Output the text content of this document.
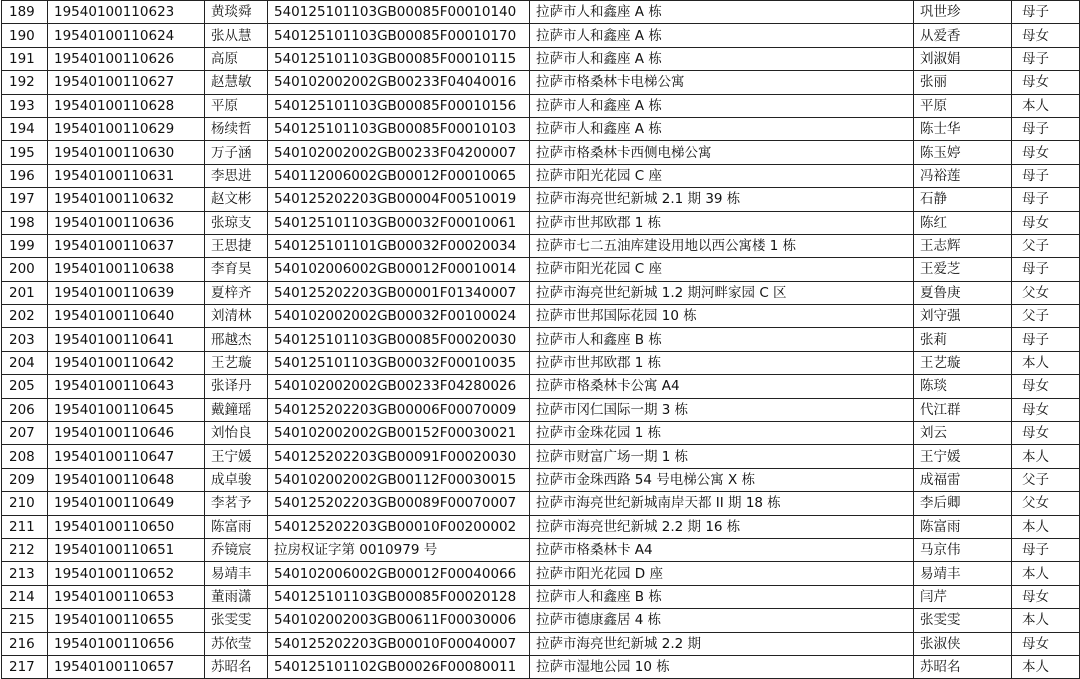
189	19540100110623	黄琰舜	540125101103GB00085F00010140	拉萨市人和鑫座 A 栋	巩世珍	母子
190	19540100110624	张从慧	540125101103GB00085F00010170	拉萨市人和鑫座 A 栋	从爱香	母女
191	19540100110626	高原	540125101103GB00085F00010115	拉萨市人和鑫座 A 栋	刘淑娟	母子
192	19540100110627	赵慧敏	540102002002GB00233F04040016	拉萨市格桑林卡电梯公寓	张丽	母女
193	19540100110628	平原	540125101103GB00085F00010156	拉萨市人和鑫座 A 栋	平原	本人
194	19540100110629	杨续哲	540125101103GB00085F00010103	拉萨市人和鑫座 A 栋	陈士华	母子
195	19540100110630	万子涵	540102002002GB00233F04200007	拉萨市格桑林卡西侧电梯公寓	陈玉婷	母女
196	19540100110631	李思进	540112006002GB00012F00010065	拉萨市阳光花园 C 座	冯裕莲	母子
197	19540100110632	赵文彬	540125202203GB00004F00510019	拉萨市海亮世纪新城 2.1 期 39 栋	石静	母子
198	19540100110636	张琼支	540125101103GB00032F00010061	拉萨市世邦欧郡 1 栋	陈红	母女
199	19540100110637	王思捷	540125101101GB00032F00020034	拉萨市七二五油库建设用地以西公寓楼 1 栋	王志辉	父子
200	19540100110638	李育昊	540102006002GB00012F00010014	拉萨市阳光花园 C 座	王爱芝	母子
201	19540100110639	夏梓齐	540125202203GB00001F01340007	拉萨市海亮世纪新城 1.2 期河畔家园 C 区	夏鲁庚	父女
202	19540100110640	刘清林	540102002002GB00032F00100024	拉萨市世邦国际花园 10 栋	刘守强	父子
203	19540100110641	邢越杰	540125101103GB00085F00020030	拉萨市人和鑫座 B 栋	张莉	母子
204	19540100110642	王艺璇	540125101103GB00032F00010035	拉萨市世邦欧郡 1 栋	王艺璇	本人
205	19540100110643	张译丹	540102002002GB00233F04280026	拉萨市格桑林卡公寓 A4	陈琰	母女
206	19540100110645	戴鐘瑶	540125202203GB00006F00070009	拉萨市冈仁国际一期 3 栋	代江群	母女
207	19540100110646	刘怡良	540102002002GB00152F00030021	拉萨市金珠花园 1 栋	刘云	母女
208	19540100110647	王宁媛	540125202203GB00091F00020030	拉萨市财富广场一期 1 栋	王宁媛	本人
209	19540100110648	成卓骏	540102002002GB00112F00030015	拉萨市金珠西路 54 号电梯公寓 X 栋	成福雷	父子
210	19540100110649	李茗予	540125202203GB00089F00070007	拉萨市海亮世纪新城南岸天都 II 期 18 栋	李后卿	父女
211	19540100110650	陈富雨	540125202203GB00010F00200002	拉萨市海亮世纪新城 2.2 期 16 栋	陈富雨	本人
212	19540100110651	乔镜宸	拉房权证字第 0010979 号	拉萨市格桑林卡 A4	马京伟	母子
213	19540100110652	易靖丰	540102006002GB00012F00040066	拉萨市阳光花园 D 座	易靖丰	本人
214	19540100110653	董雨潇	540125101103GB00085F00020128	拉萨市人和鑫座 B 栋	闫芹	母女
215	19540100110655	张雯雯	540102002003GB00611F00030006	拉萨市德康鑫居 4 栋	张雯雯	本人
216	19540100110656	苏依莹	540125202203GB00010F00040007	拉萨市海亮世纪新城 2.2 期	张淑侠	母女
217	19540100110657	苏昭名	540125101102GB00026F00080011	拉萨市湿地公园 10 栋	苏昭名	本人
